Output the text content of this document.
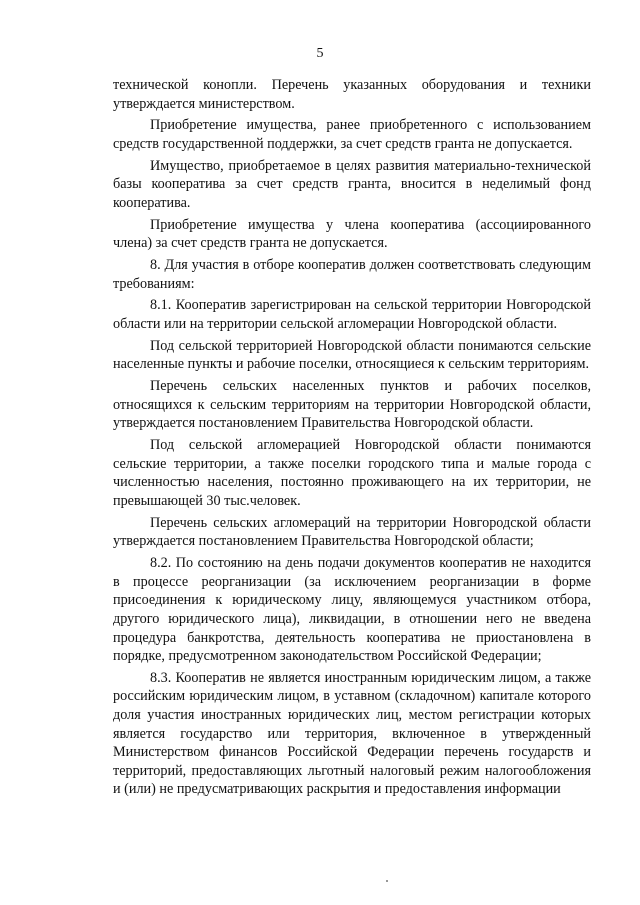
5

технической конопли. Перечень указанных оборудования и техники утверждается министерством.

Приобретение имущества, ранее приобретенного с использованием средств государственной поддержки, за счет средств гранта не допускается.

Имущество, приобретаемое в целях развития материально-технической базы кооператива за счет средств гранта, вносится в неделимый фонд кооператива.

Приобретение имущества у члена кооператива (ассоциированного члена) за счет средств гранта не допускается.

8. Для участия в отборе кооператив должен соответствовать следующим требованиям:

8.1. Кооператив зарегистрирован на сельской территории Новгородской области или на территории сельской агломерации Новгородской области.

Под сельской территорией Новгородской области понимаются сельские населенные пункты и рабочие поселки, относящиеся к сельским территориям.

Перечень сельских населенных пунктов и рабочих поселков, относящихся к сельским территориям на территории Новгородской области, утверждается постановлением Правительства Новгородской области.

Под сельской агломерацией Новгородской области понимаются сельские территории, а также поселки городского типа и малые города с численностью населения, постоянно проживающего на их территории, не превышающей 30 тыс.человек.

Перечень сельских агломераций на территории Новгородской области утверждается постановлением Правительства Новгородской области;

8.2. По состоянию на день подачи документов кооператив не находится в процессе реорганизации (за исключением реорганизации в форме присоединения к юридическому лицу, являющемуся участником отбора, другого юридического лица), ликвидации, в отношении него не введена процедура банкротства, деятельность кооператива не приостановлена в порядке, предусмотренном законодательством Российской Федерации;

8.3. Кооператив не является иностранным юридическим лицом, а также российским юридическим лицом, в уставном (складочном) капитале которого доля участия иностранных юридических лиц, местом регистрации которых является государство или территория, включенное в утвержденный Министерством финансов Российской Федерации перечень государств и территорий, предоставляющих льготный налоговый режим налогообложения и (или) не предусматривающих раскрытия и предоставления информации
